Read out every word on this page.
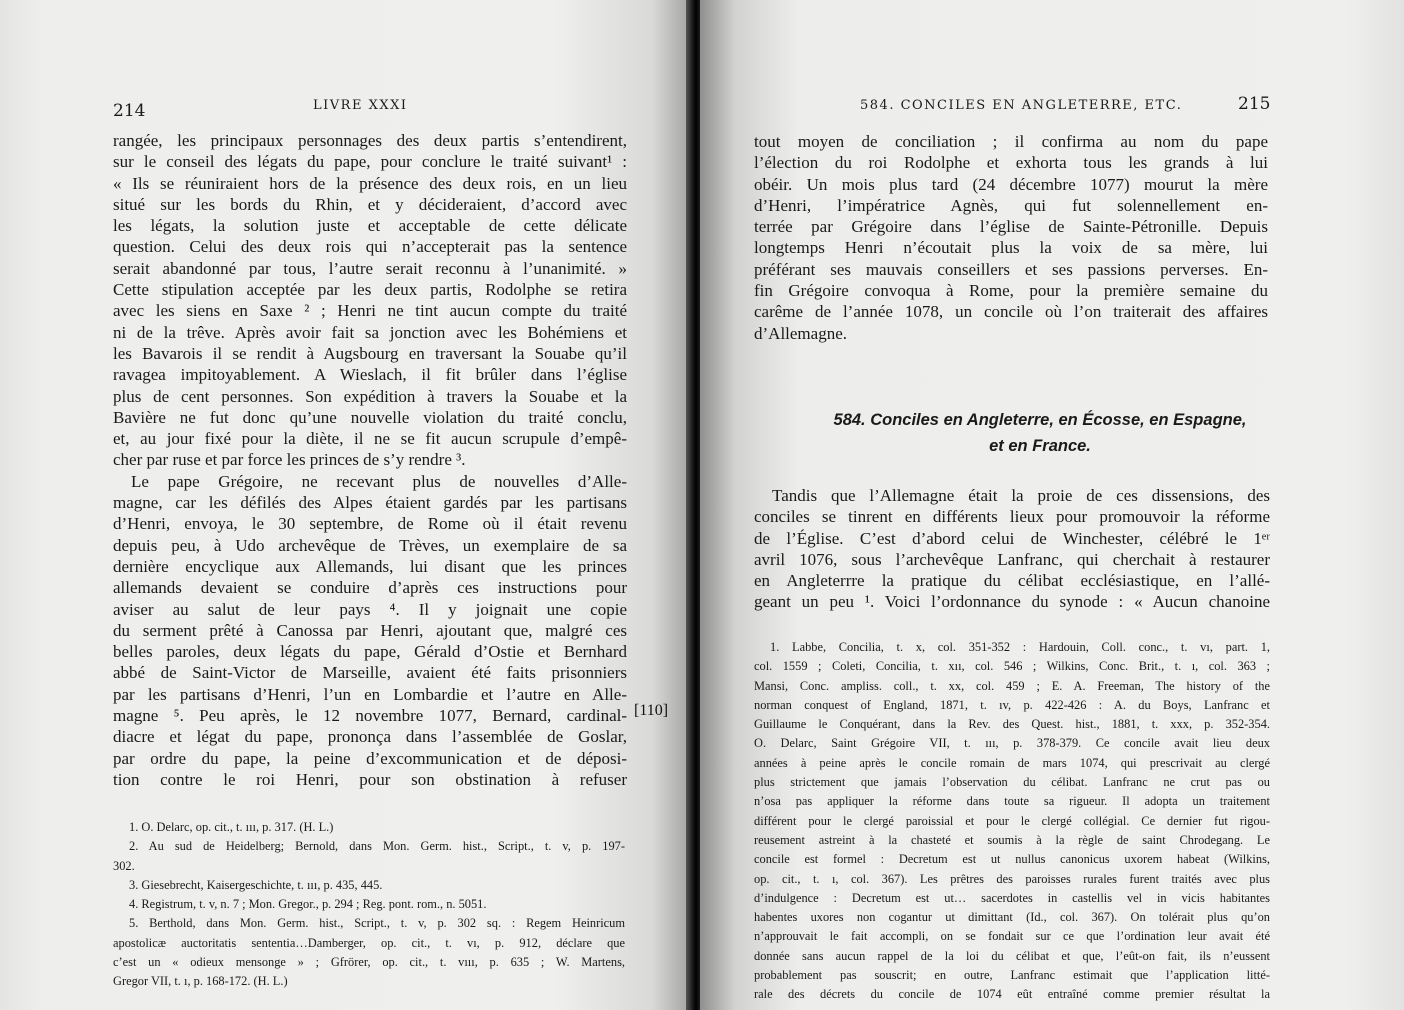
214	LIVRE XXXI
rangée, les principaux personnages des deux partis s’entendirent,
sur le conseil des légats du pape, pour conclure le traité suivant¹ :
« Ils se réuniraient hors de la présence des deux rois, en un lieu
situé sur les bords du Rhin, et y décideraient, d’accord avec
les légats, la solution juste et acceptable de cette délicate
question. Celui des deux rois qui n’accepterait pas la sentence
serait abandonné par tous, l’autre serait reconnu à l’unanimité. »
Cette stipulation acceptée par les deux partis, Rodolphe se retira
avec les siens en Saxe ² ; Henri ne tint aucun compte du traité
ni de la trêve. Après avoir fait sa jonction avec les Bohémiens et
les Bavarois il se rendit à Augsbourg en traversant la Souabe qu’il
ravagea impitoyablement. A Wieslach, il fit brûler dans l’église
plus de cent personnes. Son expédition à travers la Souabe et la
Bavière ne fut donc qu’une nouvelle violation du traité conclu,
et, au jour fixé pour la diète, il ne se fit aucun scrupule d’empê-
cher par ruse et par force les princes de s’y rendre ³.
Le pape Grégoire, ne recevant plus de nouvelles d’Alle-
magne, car les défilés des Alpes étaient gardés par les partisans
d’Henri, envoya, le 30 septembre, de Rome où il était revenu
depuis peu, à Udo archevêque de Trèves, un exemplaire de sa
dernière encyclique aux Allemands, lui disant que les princes
allemands devaient se conduire d’après ces instructions pour
aviser au salut de leur pays ⁴. Il y joignait une copie
du serment prêté à Canossa par Henri, ajoutant que, malgré ces
belles paroles, deux légats du pape, Gérald d’Ostie et Bernhard
abbé de Saint-Victor de Marseille, avaient été faits prisonniers
par les partisans d’Henri, l’un en Lombardie et l’autre en Alle-
magne ⁵. Peu après, le 12 novembre 1077, Bernard, cardinal-
diacre et légat du pape, prononça dans l’assemblée de Goslar,
par ordre du pape, la peine d’excommunication et de déposi-
tion contre le roi Henri, pour son obstination à refuser
1. O. Delarc, op. cit., t. ııı, p. 317. (H. L.)
2. Au sud de Heidelberg; Bernold, dans Mon. Germ. hist., Script., t. v, p. 197-
302.
3. Giesebrecht, Kaisergeschichte, t. ııı, p. 435, 445.
4. Registrum, t. v, n. 7 ; Mon. Gregor., p. 294 ; Reg. pont. rom., n. 5051.
5. Berthold, dans Mon. Germ. hist., Script., t. v, p. 302 sq. : Regem Heinricum
apostolicæ auctoritatis sententia…Damberger, op. cit., t. vı, p. 912, déclare que
c’est un « odieux mensonge » ; Gfrörer, op. cit., t. vııı, p. 635 ; W. Martens,
Gregor VII, t. ı, p. 168-172. (H. L.)
584. CONCILES EN ANGLETERRE, ETC.	215
tout moyen de conciliation ; il confirma au nom du pape
l’élection du roi Rodolphe et exhorta tous les grands à lui
obéir. Un mois plus tard (24 décembre 1077) mourut la mère
d’Henri, l’impératrice Agnès, qui fut solennellement en-
terrée par Grégoire dans l’église de Sainte-Pétronille. Depuis
longtemps Henri n’écoutait plus la voix de sa mère, lui
préférant ses mauvais conseillers et ses passions perverses. En-
fin Grégoire convoqua à Rome, pour la première semaine du
carême de l’année 1078, un concile où l’on traiterait des affaires
d’Allemagne.
584. Conciles en Angleterre, en Écosse, en Espagne,
et en France.
Tandis que l’Allemagne était la proie de ces dissensions, des
conciles se tinrent en différents lieux pour promouvoir la réforme
de l’Église. C’est d’abord celui de Winchester, célébré le 1ᵉʳ
avril 1076, sous l’archevêque Lanfranc, qui cherchait à restaurer
en Angleterrre la pratique du célibat ecclésiastique, en l’allé-
geant un peu ¹. Voici l’ordonnance du synode : « Aucun chanoine
1. Labbe, Concilia, t. x, col. 351-352 : Hardouin, Coll. conc., t. vı, part. 1,
col. 1559 ; Coleti, Concilia, t. xıı, col. 546 ; Wilkins, Conc. Brit., t. ı, col. 363 ;
Mansi, Conc. ampliss. coll., t. xx, col. 459 ; E. A. Freeman, The history of the
norman conquest of England, 1871, t. ıv, p. 422-426 : A. du Boys, Lanfranc et
Guillaume le Conquérant, dans la Rev. des Quest. hist., 1881, t. xxx, p. 352-354.
O. Delarc, Saint Grégoire VII, t. ııı, p. 378-379. Ce concile avait lieu deux
années à peine après le concile romain de mars 1074, qui prescrivait au clergé
plus strictement que jamais l’observation du célibat. Lanfranc ne crut pas ou
n’osa pas appliquer la réforme dans toute sa rigueur. Il adopta un traitement
différent pour le clergé paroissial et pour le clergé collégial. Ce dernier fut rigou-
reusement astreint à la chasteté et soumis à la règle de saint Chrodegang. Le
concile est formel : Decretum est ut nullus canonicus uxorem habeat (Wilkins,
op. cit., t. ı, col. 367). Les prêtres des paroisses rurales furent traités avec plus
d’indulgence : Decretum est ut… sacerdotes in castellis vel in vicis habitantes
habentes uxores non cogantur ut dimittant (Id., col. 367). On tolérait plus qu’on
n’approuvait le fait accompli, on se fondait sur ce que l’ordination leur avait été
donnée sans aucun rappel de la loi du célibat et que, l’eût-on fait, ils n’eussent
probablement pas souscrit; en outre, Lanfranc estimait que l’application litté-
rale des décrets du concile de 1074 eût entraîné comme premier résultat la
[110]
